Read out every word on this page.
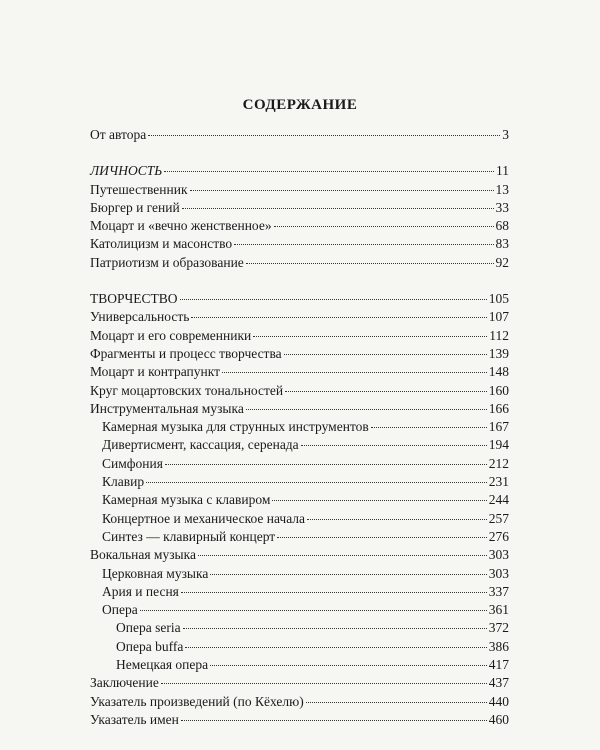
СОДЕРЖАНИЕ
От автора	3
ЛИЧНОСТЬ	11
Путешественник	13
Бюргер и гений	33
Моцарт и «вечно женственное»	68
Католицизм и масонство	83
Патриотизм и образование	92
ТВОРЧЕСТВО	105
Универсальность	107
Моцарт и его современники	112
Фрагменты и процесс творчества	139
Моцарт и контрапункт	148
Круг моцартовских тональностей	160
Инструментальная музыка	166
Камерная музыка для струнных инструментов	167
Дивертисмент, кассация, серенада	194
Симфония	212
Клавир	231
Камерная музыка с клавиром	244
Концертное и механическое начала	257
Синтез — клавирный концерт	276
Вокальная музыка	303
Церковная музыка	303
Ария и песня	337
Опера	361
Опера seria	372
Опера buffa	386
Немецкая опера	417
Заключение	437
Указатель произведений (по Кёхелю)	440
Указатель имен	460
